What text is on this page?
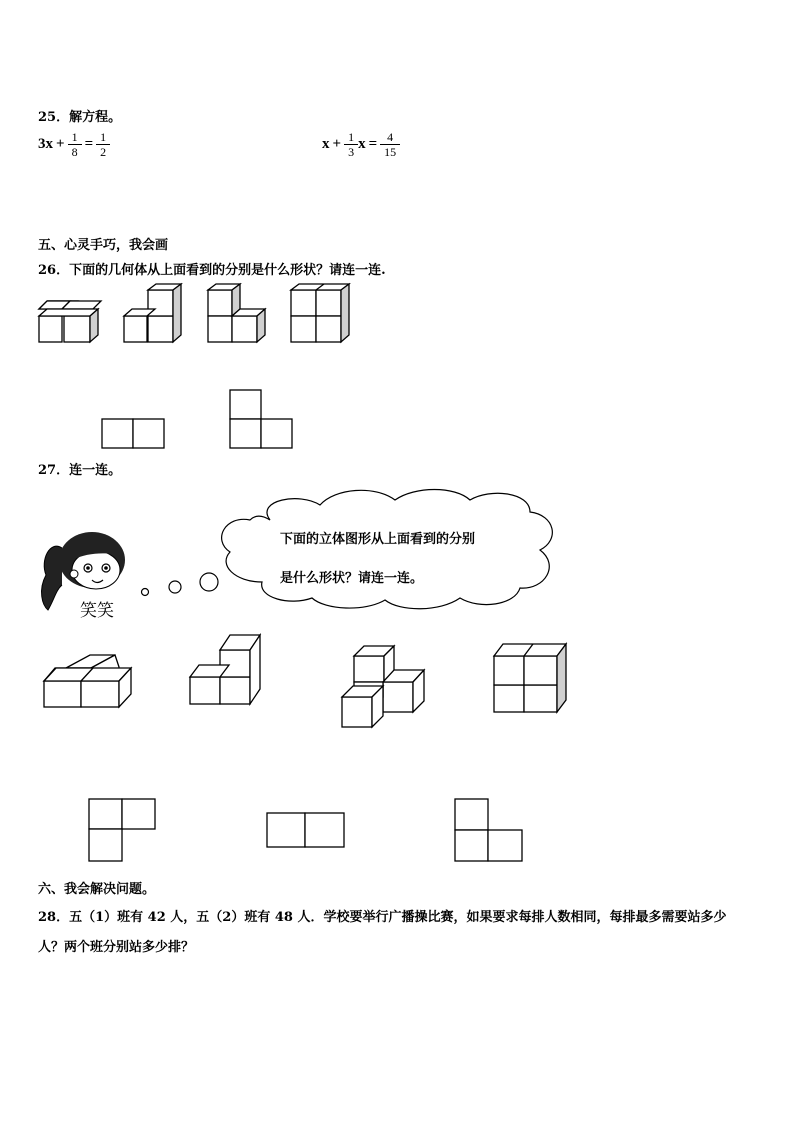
25．解方程。
$3x + \frac{1}{8} = \frac{1}{2}$	$x + \frac{1}{3}$ $x = \frac{4}{15}$
五、心灵手巧，我会画
26．下面的几何体从上面看到的分别是什么形状？请连一连.
27．连一连。
下面的立体图形从上面看到的分别
是什么形状？请连一连。
笑笑
六、我会解决问题。
28．五（1）班有 42 人，五（2）班有 48 人．学校要举行广播操比赛，如果要求每排人数相同，每排最多需要站多少
人？两个班分别站多少排？
